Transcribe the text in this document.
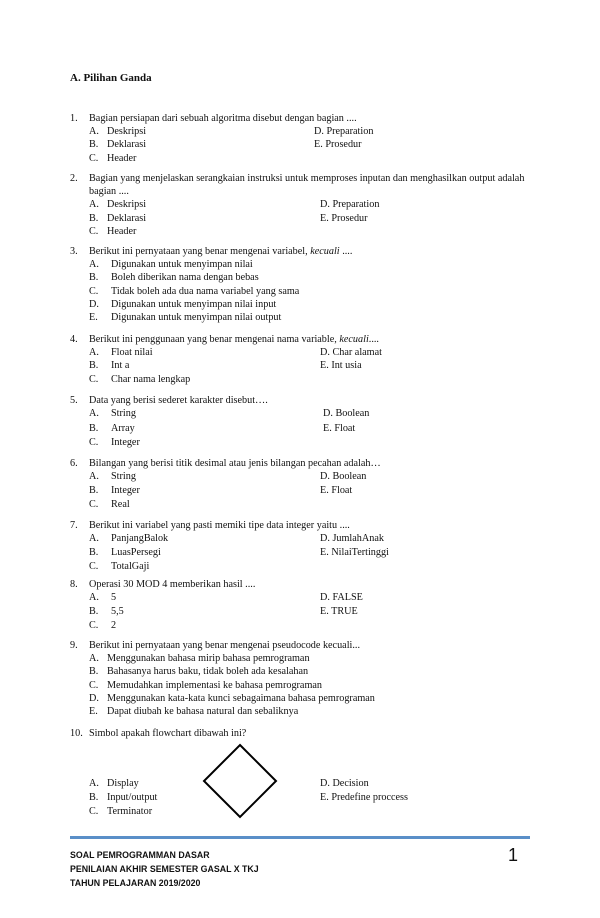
A. Pilihan Ganda
1. Bagian persiapan dari sebuah algoritma disebut dengan bagian ....
A. Deskripsi	D. Preparation
B. Deklarasi	E. Prosedur
C. Header
2. Bagian yang menjelaskan serangkaian instruksi untuk memproses inputan dan menghasilkan output adalah bagian ....
A. Deskripsi	D. Preparation
B. Deklarasi	E. Prosedur
C. Header
3. Berikut ini pernyataan yang benar mengenai variabel, kecuali ....
A. Digunakan untuk menyimpan nilai
B. Boleh diberikan nama dengan bebas
C. Tidak boleh ada dua nama variabel yang sama
D. Digunakan untuk menyimpan nilai input
E. Digunakan untuk menyimpan nilai output
4. Berikut ini penggunaan yang benar mengenai nama variable, kecuali....
A. Float nilai	D. Char alamat
B. Int a	E. Int usia
C. Char nama lengkap
5. Data yang berisi sederet karakter disebut….
A. String	D. Boolean
B. Array	E. Float
C. Integer
6. Bilangan yang berisi titik desimal atau jenis bilangan pecahan adalah…
A. String	D. Boolean
B. Integer	E. Float
C. Real
7. Berikut ini variabel yang pasti memiki tipe data integer yaitu ....
A. PanjangBalok	D. JumlahAnak
B. LuasPersegi	E. NilaiTertinggi
C. TotalGaji
8. Operasi 30 MOD 4 memberikan hasil ....
A. 5	D. FALSE
B. 5,5	E. TRUE
C. 2
9. Berikut ini pernyataan yang benar mengenai pseudocode kecuali...
A. Menggunakan bahasa mirip bahasa pemrograman
B. Bahasanya harus baku, tidak boleh ada kesalahan
C. Memudahkan implementasi ke bahasa pemrograman
D. Menggunakan kata-kata kunci sebagaimana bahasa pemrograman
E. Dapat diubah ke bahasa natural dan sebaliknya
10. Simbol apakah flowchart dibawah ini?
A. Display	D. Decision
B. Input/output	E. Predefine proccess
C. Terminator
SOAL PEMROGRAMMAN DASAR
PENILAIAN AKHIR SEMESTER GASAL X TKJ
TAHUN PELAJARAN 2019/2020
1
